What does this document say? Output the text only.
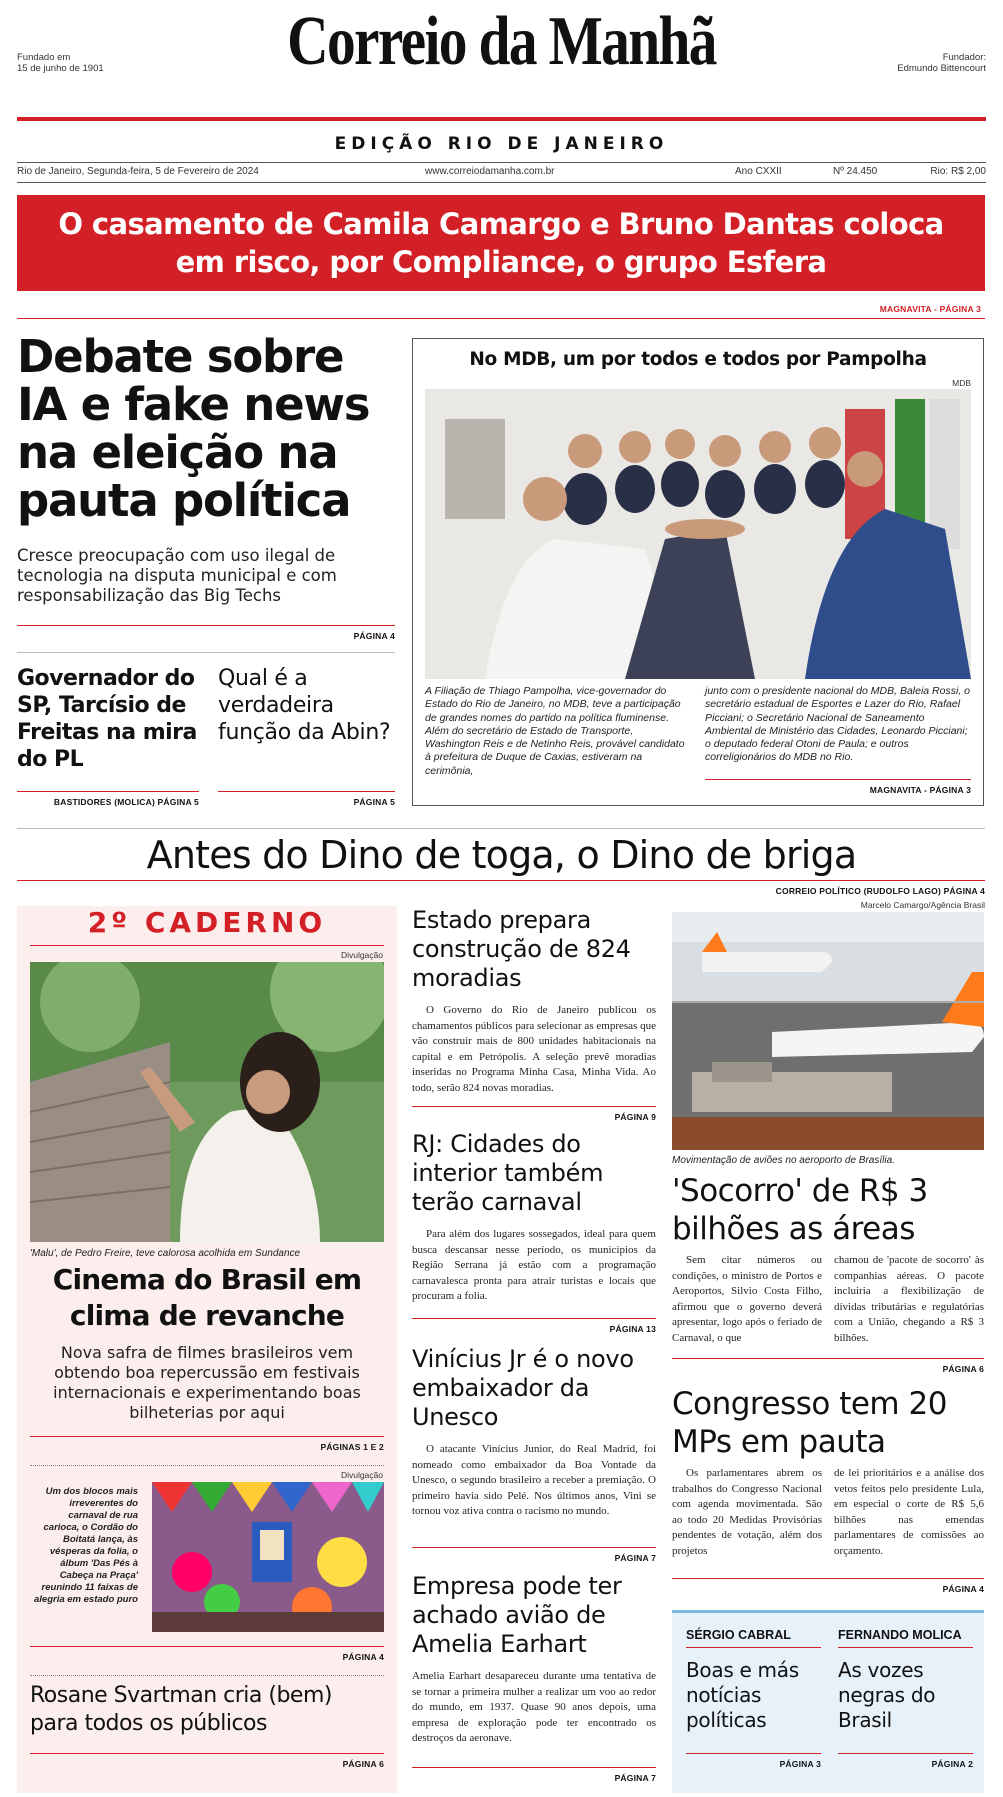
Fundado em
15 de junho de 1901	Correio da Manhã	Fundador:
Edmundo Bittencourt
EDIÇÃO RIO DE JANEIRO
Rio de Janeiro, Segunda-feira, 5 de Fevereiro de 2024	www.correiodamanha.com.br	Ano CXXII	Nº 24.450	Rio: R$ 2,00
O casamento de Camila Camargo e Bruno Dantas coloca em risco, por Compliance, o grupo Esfera
MAGNAVITA - PÁGINA 3
Debate sobre IA e fake news na eleição na pauta política
Cresce preocupação com uso ilegal de tecnologia na disputa municipal e com responsabilização das Big Techs
PÁGINA 4
Governador do SP, Tarcísio de Freitas na mira do PL
BASTIDORES (MOLICA) PÁGINA 5
Qual é a verdadeira função da Abin?
PÁGINA 5
No MDB, um por todos e todos por Pampolha
MDB
A Filiação de Thiago Pampolha, vice-governador do Estado do Rio de Janeiro, no MDB, teve a participação de grandes nomes do partido na política fluminense. Além do secretário de Estado de Transporte, Washington Reis e de Netinho Reis, provável candidato à prefeitura de Duque de Caxias, estiveram na cerimônia,
junto com o presidente nacional do MDB, Baleia Rossi, o secretário estadual de Esportes e Lazer do Rio, Rafael Picciani; o Secretário Nacional de Saneamento Ambiental de Ministério das Cidades, Leonardo Picciani; o deputado federal Otoni de Paula; e outros correligionários do MDB no Rio.
MAGNAVITA - PÁGINA 3
Antes do Dino de toga, o Dino de briga
CORREIO POLÍTICO (RUDOLFO LAGO) PÁGINA 4
2º CADERNO
Divulgação
'Malu', de Pedro Freire, teve calorosa acolhida em Sundance
Cinema do Brasil em clima de revanche
Nova safra de filmes brasileiros vem obtendo boa repercussão em festivais internacionais e experimentando boas bilheterias por aqui
PÁGINAS 1 E 2
Divulgação
Um dos blocos mais irreverentes do carnaval de rua carioca, o Cordão do Boitatá lança, às vésperas da folia, o álbum 'Das Pés à Cabeça na Praça' reunindo 11 faixas de alegria em estado puro
PÁGINA 4
Rosane Svartman cria (bem) para todos os públicos
PÁGINA 6
Estado prepara construção de 824 moradias
O Governo do Rio de Janeiro publicou os chamamentos públicos para selecionar as empresas que vão construir mais de 800 unidades habitacionais na capital e em Petrópolis. A seleção prevê moradias inseridas no Programa Minha Casa, Minha Vida. Ao todo, serão 824 novas moradias.
PÁGINA 9
RJ: Cidades do interior também terão carnaval
Para além dos lugares sossegados, ideal para quem busca descansar nesse período, os municípios da Região Serrana já estão com a programação carnavalesca pronta para atrair turistas e locais que procuram a folia.
PÁGINA 13
Vinícius Jr é o novo embaixador da Unesco
O atacante Vinícius Junior, do Real Madrid, foi nomeado como embaixador da Boa Vontade da Unesco, o segundo brasileiro a receber a premiação. O primeiro havia sido Pelé. Nos últimos anos, Vini se tornou voz ativa contra o racismo no mundo.
PÁGINA 7
Empresa pode ter achado avião de Amelia Earhart
Amelia Earhart desapareceu durante uma tentativa de se tornar a primeira mulher a realizar um voo ao redor do mundo, em 1937. Quase 90 anos depois, uma empresa de exploração pode ter encontrado os destroços da aeronave.
PÁGINA 7
Marcelo Camargo/Agência Brasil
Movimentação de aviões no aeroporto de Brasília.
'Socorro' de R$ 3 bilhões as áreas
Sem citar números ou condições, o ministro de Portos e Aeroportos, Silvio Costa Filho, afirmou que o governo deverá apresentar, logo após o feriado de Carnaval, o que
chamou de 'pacote de socorro' às companhias aéreas. O pacote incluiria a flexibilização de dívidas tributárias e regulatórias com a União, chegando a R$ 3 bilhões.
PÁGINA 6
Congresso tem 20 MPs em pauta
Os parlamentares abrem os trabalhos do Congresso Nacional com agenda movimentada. São ao todo 20 Medidas Provisórias pendentes de votação, além dos projetos
de lei prioritários e a análise dos vetos feitos pelo presidente Lula, em especial o corte de R$ 5,6 bilhões nas emendas parlamentares de comissões ao orçamento.
PÁGINA 4
SÉRGIO CABRAL
Boas e más notícias políticas
PÁGINA 3
FERNANDO MOLICA
As vozes negras do Brasil
PÁGINA 2
